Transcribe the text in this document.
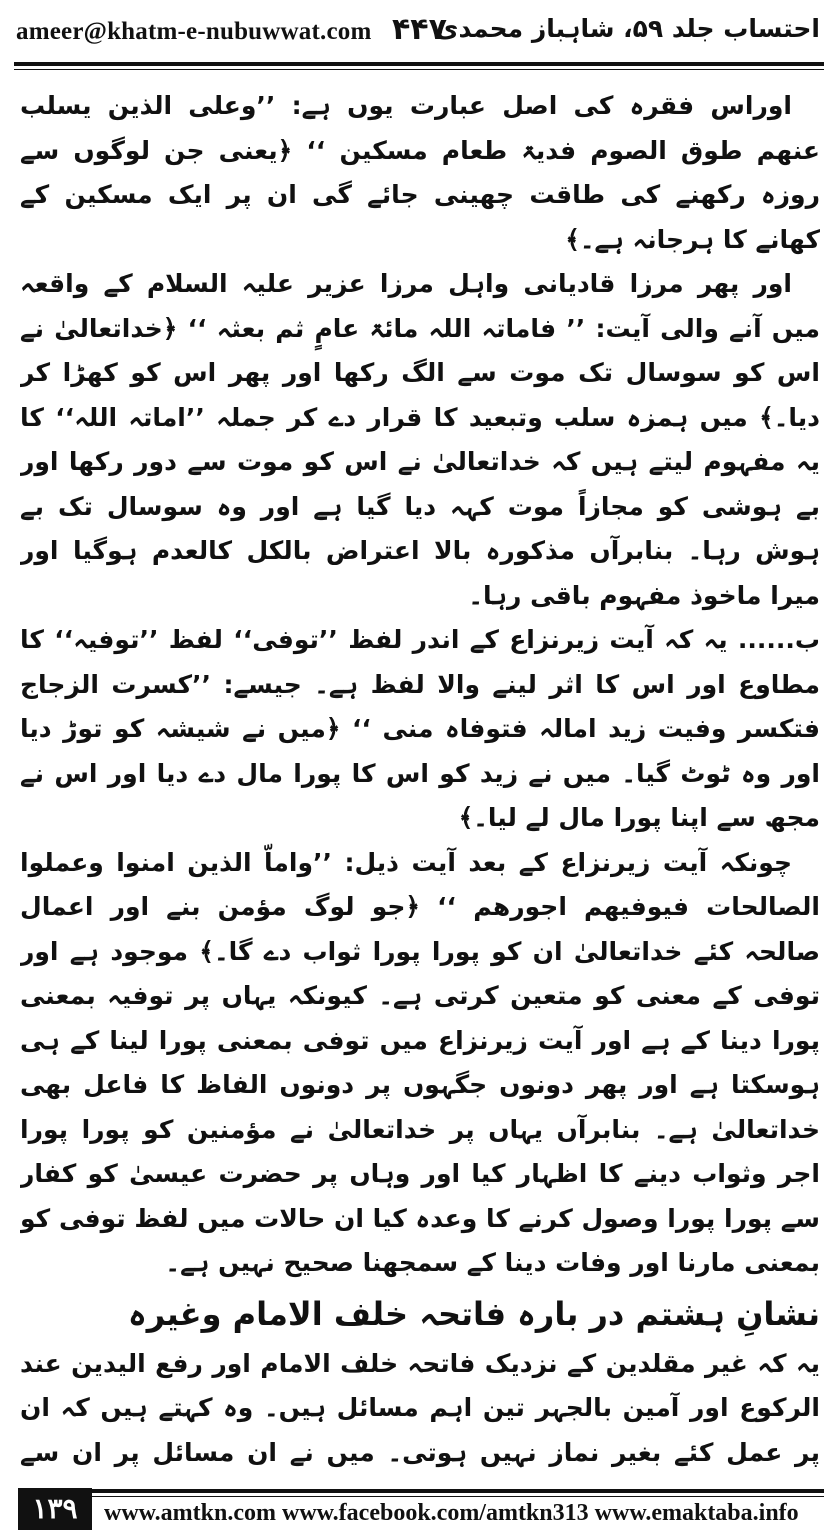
ameer@khatm-e-nubuwwat.com ۴۴۷
احتساب جلد ۵۹، شاہباز محمدی

اوراس فقرہ کی اصل عبارت یوں ہے: ’’وعلی الذین یسلب عنھم طوق الصوم فدیۃ طعام مسکین ‘‘ ﴿یعنی جن لوگوں سے روزہ رکھنے کی طاقت چھینی جائے گی ان پر ایک مسکین کے کھانے کا ہرجانہ ہے۔﴾

اور پھر مرزا قادیانی واہل مرزا عزیر علیہ السلام کے واقعہ میں آنے والی آیت: ’’ فاماتہ اللہ مائۃ عامٍ ثم بعثہ ‘‘ ﴿خداتعالیٰ نے اس کو سوسال تک موت سے الگ رکھا اور پھر اس کو کھڑا کر دیا۔﴾ میں ہمزہ سلب وتبعید کا قرار دے کر جملہ ’’اماتہ اللہ‘‘ کا یہ مفہوم لیتے ہیں کہ خداتعالیٰ نے اس کو موت سے دور رکھا اور بے ہوشی کو مجازاً موت کہہ دیا گیا ہے اور وہ سوسال تک بے ہوش رہا۔ بنابرآں مذکورہ بالا اعتراض بالکل کالعدم ہوگیا اور میرا ماخوذ مفہوم باقی رہا۔

ب...... یہ کہ آیت زیرنزاع کے اندر لفظ ’’توفی‘‘ لفظ ’’توفیہ‘‘ کا مطاوع اور اس کا اثر لینے والا لفظ ہے۔ جیسے: ’’کسرت الزجاج فتکسر وفیت زید امالہ فتوفاہ منی ‘‘ ﴿میں نے شیشہ کو توڑ دیا اور وہ ٹوٹ گیا۔ میں نے زید کو اس کا پورا مال دے دیا اور اس نے مجھ سے اپنا پورا مال لے لیا۔﴾

چونکہ آیت زیرنزاع کے بعد آیت ذیل: ’’واماّ الذین امنوا وعملوا الصالحات فیوفیھم اجورھم ‘‘ ﴿جو لوگ مؤمن بنے اور اعمال صالحہ کئے خداتعالیٰ ان کو پورا پورا ثواب دے گا۔﴾ موجود ہے اور توفی کے معنی کو متعین کرتی ہے۔ کیونکہ یہاں پر توفیہ بمعنی پورا دینا کے ہے اور آیت زیرنزاع میں توفی بمعنی پورا لینا کے ہی ہوسکتا ہے اور پھر دونوں جگہوں پر دونوں الفاظ کا فاعل بھی خداتعالیٰ ہے۔ بنابرآں یہاں پر خداتعالیٰ نے مؤمنین کو پورا پورا اجر وثواب دینے کا اظہار کیا اور وہاں پر حضرت عیسیٰ کو کفار سے پورا پورا وصول کرنے کا وعدہ کیا ان حالات میں لفظ توفی کو بمعنی مارنا اور وفات دینا کے سمجھنا صحیح نہیں ہے۔

نشانِ ہشتم در بارہ فاتحہ خلف الامام وغیرہ

یہ کہ غیر مقلدین کے نزدیک فاتحہ خلف الامام اور رفع الیدین عند الرکوع اور آمین بالجہر تین اہم مسائل ہیں۔ وہ کہتے ہیں کہ ان پر عمل کئے بغیر نماز نہیں ہوتی۔ میں نے ان مسائل پر ان سے

۱۳۹	www.amtkn.com www.facebook.com/amtkn313 www.emaktaba.info
